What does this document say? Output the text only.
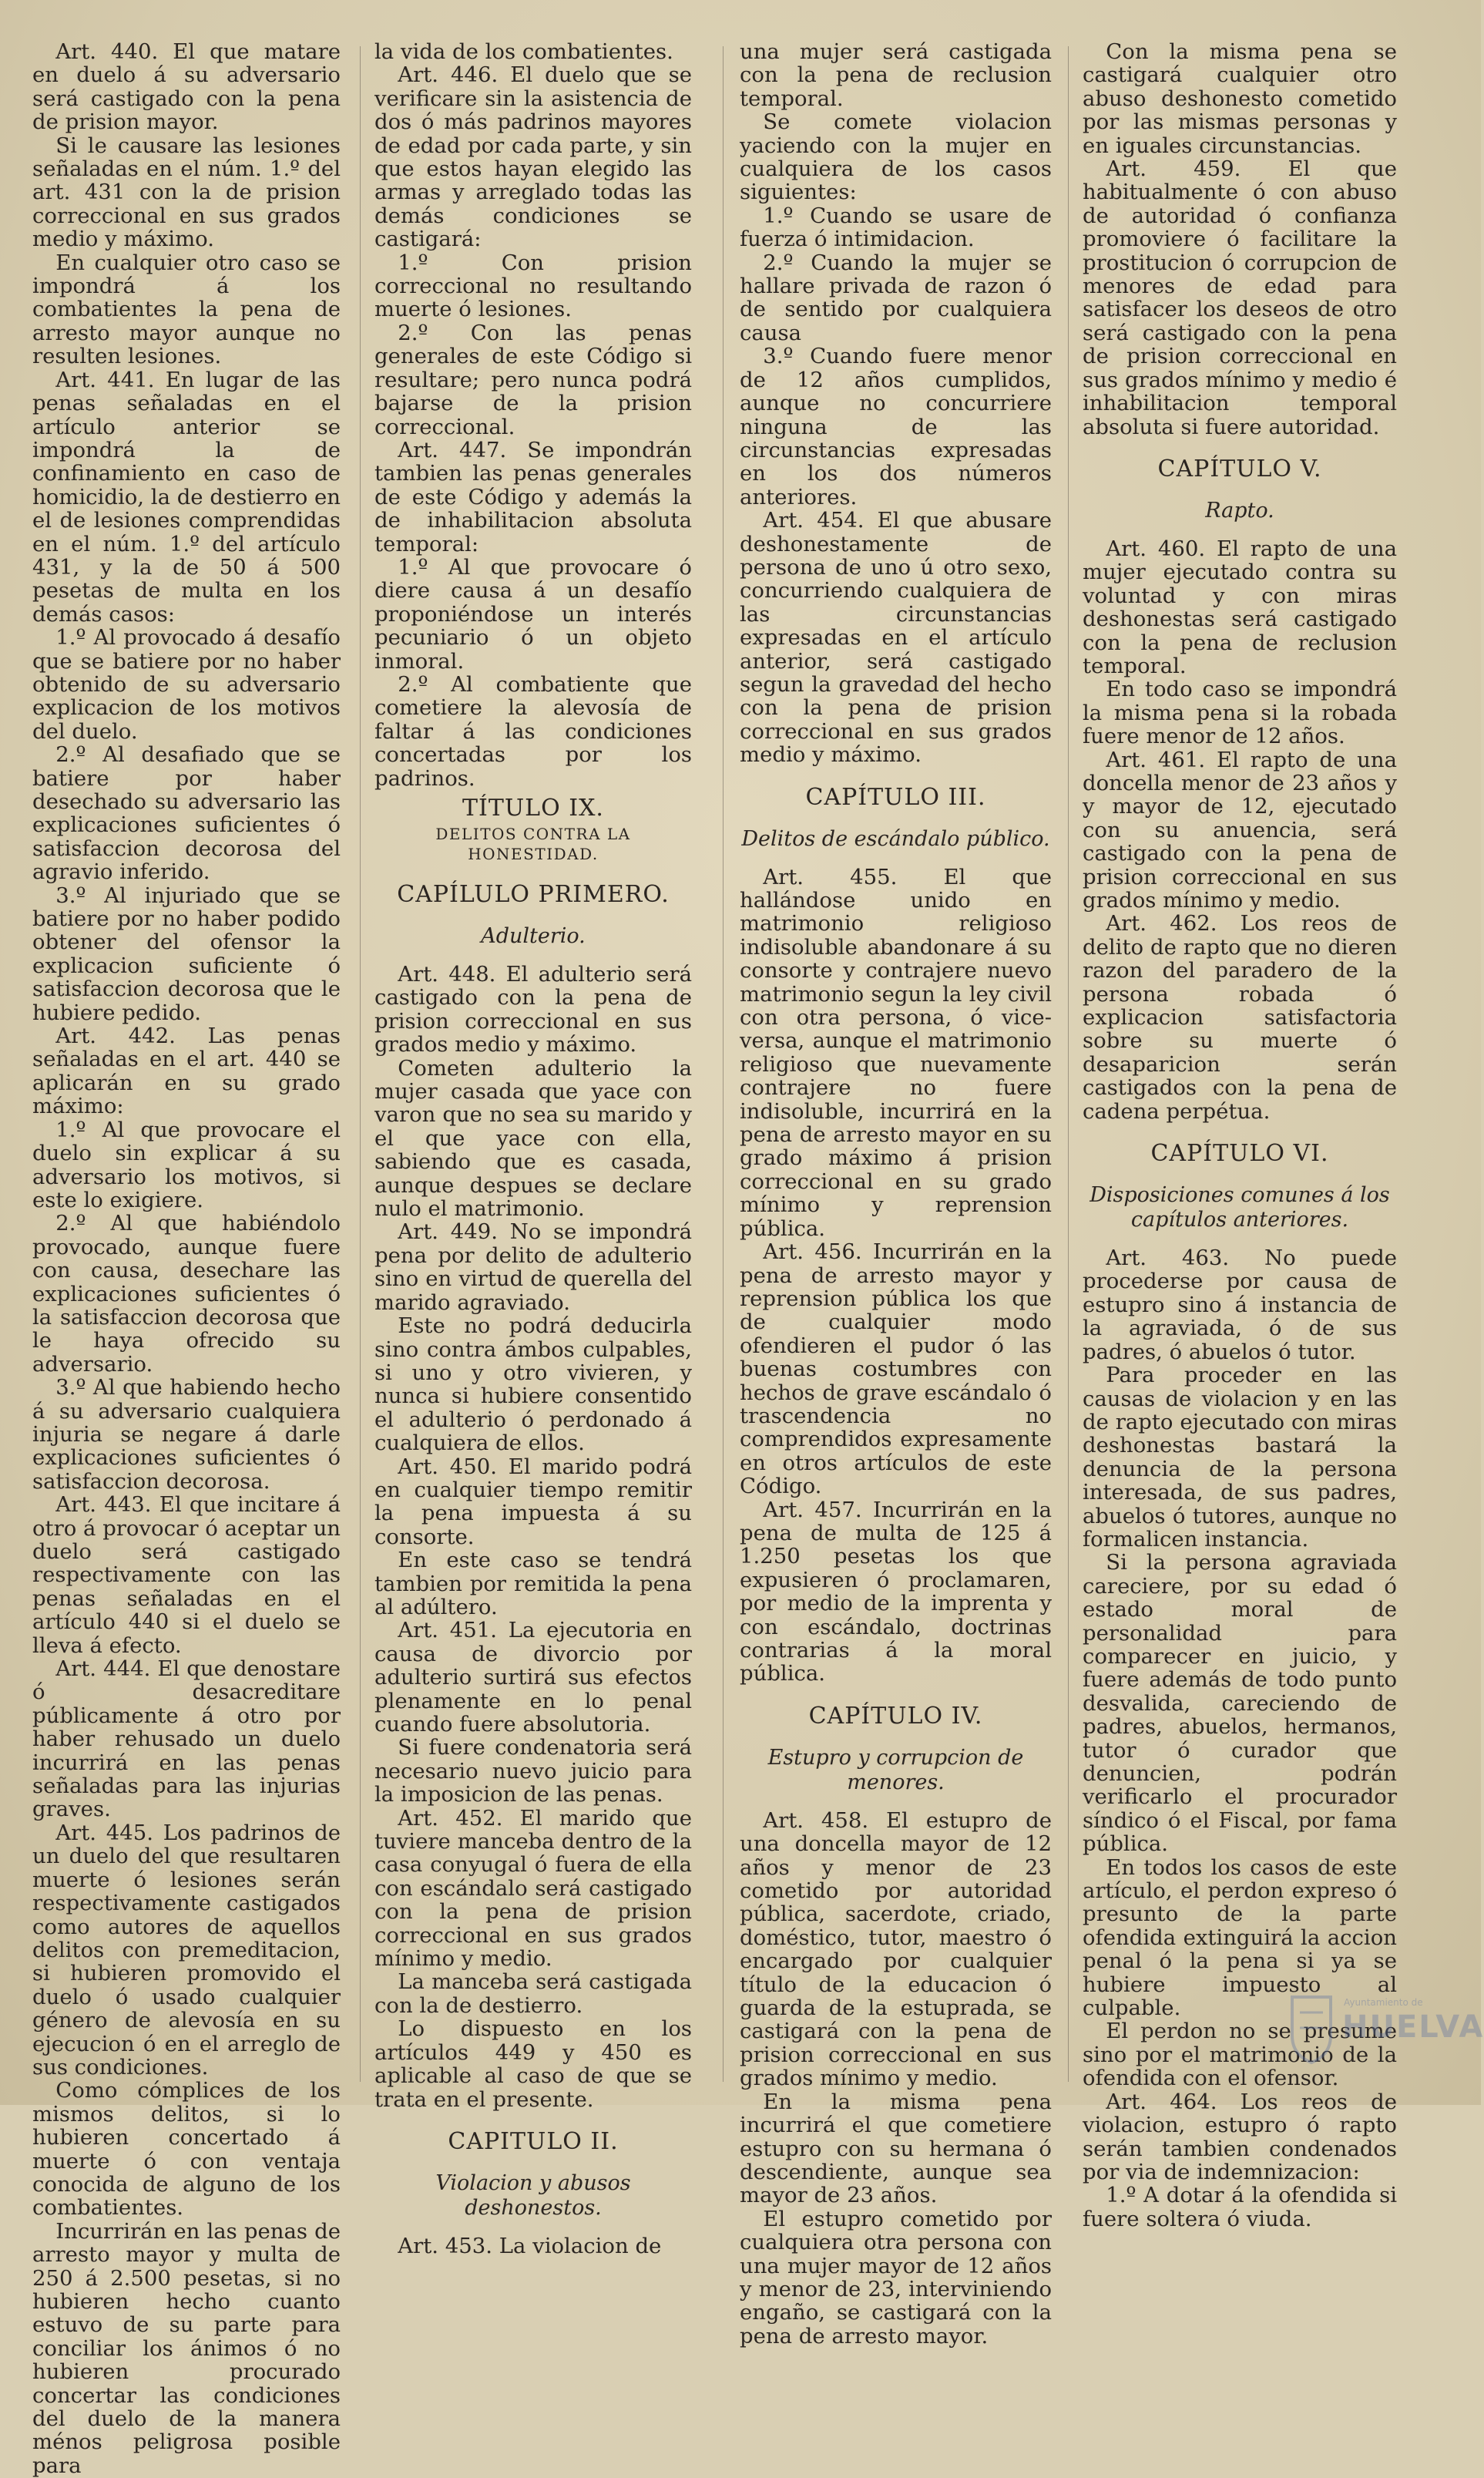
Art. 440. El que matare en duelo á su adversario será castigado con la pena de prision mayor.

Si le causare las lesiones señaladas en el núm. 1.º del art. 431 con la de prision correccional en sus grados medio y máximo.

En cualquier otro caso se impondrá á los combatientes la pena de arresto mayor aunque no resulten lesiones.

Art. 441. En lugar de las penas señaladas en el artículo anterior se impondrá la de confinamiento en caso de homicidio, la de destierro en el de lesiones comprendidas en el núm. 1.º del artículo 431, y la de 50 á 500 pesetas de multa en los demás casos:

1.º Al provocado á desafío que se batiere por no haber obtenido de su adversario explicacion de los motivos del duelo.

2.º Al desafiado que se batiere por haber desechado su adversario las explicaciones suficientes ó satisfaccion decorosa del agravio inferido.

3.º Al injuriado que se batiere por no haber podido obtener del ofensor la explicacion suficiente ó satisfaccion decorosa que le hubiere pedido.

Art. 442. Las penas señaladas en el art. 440 se aplicarán en su grado máximo:

1.º Al que provocare el duelo sin explicar á su adversario los motivos, si este lo exigiere.

2.º Al que habiéndolo provocado, aunque fuere con causa, desechare las explicaciones suficientes ó la satisfaccion decorosa que le haya ofrecido su adversario.

3.º Al que habiendo hecho á su adversario cualquiera injuria se negare á darle explicaciones suficientes ó satisfaccion decorosa.

Art. 443. El que incitare á otro á provocar ó aceptar un duelo será castigado respectivamente con las penas señaladas en el artículo 440 si el duelo se lleva á efecto.

Art. 444. El que denostare ó desacreditare públicamente á otro por haber rehusado un duelo incurrirá en las penas señaladas para las injurias graves.

Art. 445. Los padrinos de un duelo del que resultaren muerte ó lesiones serán respectivamente castigados como autores de aquellos delitos con premeditacion, si hubieren promovido el duelo ó usado cualquier género de alevosía en su ejecucion ó en el arreglo de sus condiciones.

Como cómplices de los mismos delitos, si lo hubieren concertado á muerte ó con ventaja conocida de alguno de los combatientes.

Incurrirán en las penas de arresto mayor y multa de 250 á 2.500 pesetas, si no hubieren hecho cuanto estuvo de su parte para conciliar los ánimos ó no hubieren procurado concertar las condiciones del duelo de la manera ménos peligrosa posible para

la vida de los combatientes.

Art. 446. El duelo que se verificare sin la asistencia de dos ó más padrinos mayores de edad por cada parte, y sin que estos hayan elegido las armas y arreglado todas las demás condiciones se castigará:

1.º Con prision correccional no resultando muerte ó lesiones.

2.º Con las penas generales de este Código si resultare; pero nunca podrá bajarse de la prision correccional.

Art. 447. Se impondrán tambien las penas generales de este Código y además la de inhabilitacion absoluta temporal:

1.º Al que provocare ó diere causa á un desafío proponiéndose un interés pecuniario ó un objeto inmoral.

2.º Al combatiente que cometiere la alevosía de faltar á las condiciones concertadas por los padrinos.

TÍTULO IX.
DELITOS CONTRA LA HONESTIDAD.
CAPÍLULO PRIMERO.
Adulterio.

Art. 448. El adulterio será castigado con la pena de prision correccional en sus grados medio y máximo.

Cometen adulterio la mujer casada que yace con varon que no sea su marido y el que yace con ella, sabiendo que es casada, aunque despues se declare nulo el matrimonio.

Art. 449. No se impondrá pena por delito de adulterio sino en virtud de querella del marido agraviado.

Este no podrá deducirla sino contra ámbos culpables, si uno y otro vivieren, y nunca si hubiere consentido el adulterio ó perdonado á cualquiera de ellos.

Art. 450. El marido podrá en cualquier tiempo remitir la pena impuesta á su consorte.

En este caso se tendrá tambien por remitida la pena al adúltero.

Art. 451. La ejecutoria en causa de divorcio por adulterio surtirá sus efectos plenamente en lo penal cuando fuere absolutoria.

Si fuere condenatoria será necesario nuevo juicio para la imposicion de las penas.

Art. 452. El marido que tuviere manceba dentro de la casa conyugal ó fuera de ella con escándalo será castigado con la pena de prision correccional en sus grados mínimo y medio.

La manceba será castigada con la de destierro.

Lo dispuesto en los artículos 449 y 450 es aplicable al caso de que se trata en el presente.

CAPITULO II.
Violacion y abusos deshonestos.

Art. 453. La violacion de

una mujer será castigada con la pena de reclusion temporal.

Se comete violacion yaciendo con la mujer en cualquiera de los casos siguientes:

1.º Cuando se usare de fuerza ó intimidacion.

2.º Cuando la mujer se hallare privada de razon ó de sentido por cualquiera causa

3.º Cuando fuere menor de 12 años cumplidos, aunque no concurriere ninguna de las circunstancias expresadas en los dos números anteriores.

Art. 454. El que abusare deshonestamente de persona de uno ú otro sexo, concurriendo cualquiera de las circunstancias expresadas en el artículo anterior, será castigado segun la gravedad del hecho con la pena de prision correccional en sus grados medio y máximo.

CAPÍTULO III.
Delitos de escándalo público.

Art. 455. El que hallándose unido en matrimonio religioso indisoluble abandonare á su consorte y contrajere nuevo matrimonio segun la ley civil con otra persona, ó vice-versa, aunque el matrimonio religioso que nuevamente contrajere no fuere indisoluble, incurrirá en la pena de arresto mayor en su grado máximo á prision correccional en su grado mínimo y reprension pública.

Art. 456. Incurrirán en la pena de arresto mayor y reprension pública los que de cualquier modo ofendieren el pudor ó las buenas costumbres con hechos de grave escándalo ó trascendencia no comprendidos expresamente en otros artículos de este Código.

Art. 457. Incurrirán en la pena de multa de 125 á 1.250 pesetas los que expusieren ó proclamaren, por medio de la imprenta y con escándalo, doctrinas contrarias á la moral pública.

CAPÍTULO IV.
Estupro y corrupcion de menores.

Art. 458. El estupro de una doncella mayor de 12 años y menor de 23 cometido por autoridad pública, sacerdote, criado, doméstico, tutor, maestro ó encargado por cualquier título de la educacion ó guarda de la estuprada, se castigará con la pena de prision correccional en sus grados mínimo y medio.

En la misma pena incurrirá el que cometiere estupro con su hermana ó descendiente, aunque sea mayor de 23 años.

El estupro cometido por cualquiera otra persona con una mujer mayor de 12 años y menor de 23, interviniendo engaño, se castigará con la pena de arresto mayor.

Con la misma pena se castigará cualquier otro abuso deshonesto cometido por las mismas personas y en iguales circunstancias.

Art. 459. El que habitualmente ó con abuso de autoridad ó confianza promoviere ó facilitare la prostitucion ó corrupcion de menores de edad para satisfacer los deseos de otro será castigado con la pena de prision correccional en sus grados mínimo y medio é inhabilitacion temporal absoluta si fuere autoridad.

CAPÍTULO V.
Rapto.

Art. 460. El rapto de una mujer ejecutado contra su voluntad y con miras deshonestas será castigado con la pena de reclusion temporal.

En todo caso se impondrá la misma pena si la robada fuere menor de 12 años.

Art. 461. El rapto de una doncella menor de 23 años y y mayor de 12, ejecutado con su anuencia, será castigado con la pena de prision correccional en sus grados mínimo y medio.

Art. 462. Los reos de delito de rapto que no dieren razon del paradero de la persona robada ó explicacion satisfactoria sobre su muerte ó desaparicion serán castigados con la pena de cadena perpétua.

CAPÍTULO VI.
Disposiciones comunes á los capítulos anteriores.

Art. 463. No puede procederse por causa de estupro sino á instancia de la agraviada, ó de sus padres, ó abuelos ó tutor.

Para proceder en las causas de violacion y en las de rapto ejecutado con miras deshonestas bastará la denuncia de la persona interesada, de sus padres, abuelos ó tutores, aunque no formalicen instancia.

Si la persona agraviada careciere, por su edad ó estado moral de personalidad para comparecer en juicio, y fuere además de todo punto desvalida, careciendo de padres, abuelos, hermanos, tutor ó curador que denuncien, podrán verificarlo el procurador síndico ó el Fiscal, por fama pública.

En todos los casos de este artículo, el perdon expreso ó presunto de la parte ofendida extinguirá la accion penal ó la pena si ya se hubiere impuesto al culpable.

El perdon no se presume sino por el matrimonio de la ofendida con el ofensor.

Art. 464. Los reos de violacion, estupro ó rapto serán tambien condenados por via de indemnizacion:

1.º A dotar á la ofendida si fuere soltera ó viuda.

Ayuntamiento de
HUELVA
